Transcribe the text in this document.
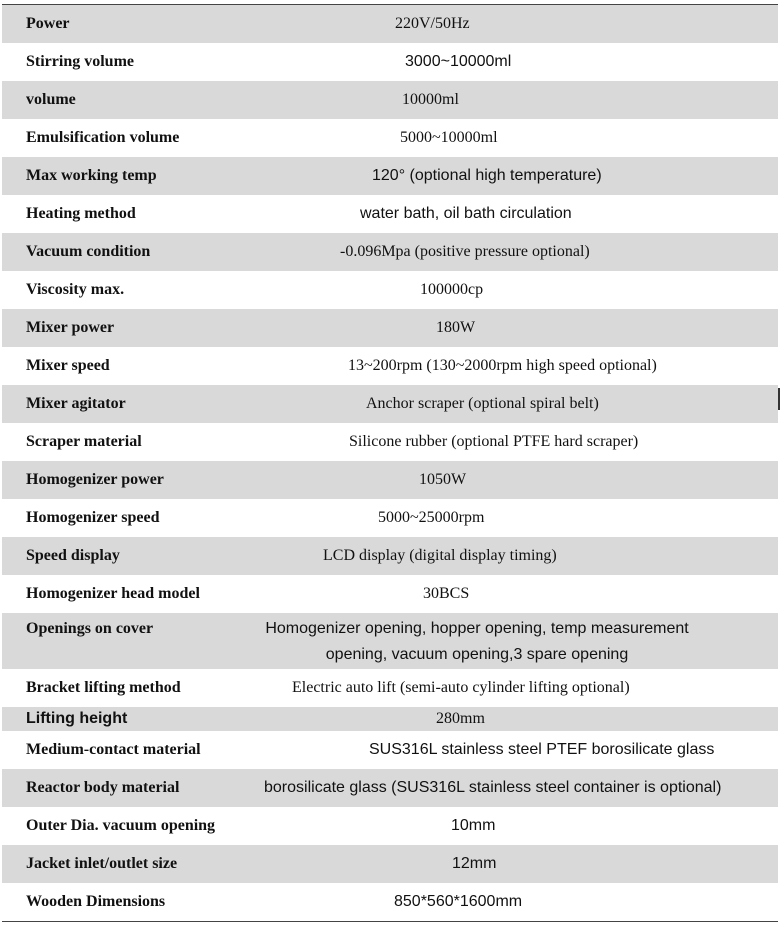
Power	220V/50Hz
Stirring volume	3000~10000ml
volume	10000ml
Emulsification volume	5000~10000ml
Max working temp	120° (optional high temperature)
Heating method	water bath, oil bath circulation
Vacuum condition	-0.096Mpa (positive pressure optional)
Viscosity max.	100000cp
Mixer power	180W
Mixer speed	13~200rpm (130~2000rpm high speed optional)
Mixer agitator	Anchor scraper (optional spiral belt)
Scraper material	Silicone rubber (optional PTFE hard scraper)
Homogenizer power	1050W
Homogenizer speed	5000~25000rpm
Speed display	LCD display (digital display timing)
Homogenizer head model	30BCS
Openings on cover	Homogenizer opening, hopper opening, temp measurement
opening, vacuum opening,3 spare opening
Bracket lifting method	Electric auto lift (semi-auto cylinder lifting optional)
Lifting height	280mm
Medium-contact material	SUS316L stainless steel PTEF borosilicate glass
Reactor body material	borosilicate glass (SUS316L stainless steel container is optional)
Outer Dia. vacuum opening	10mm
Jacket inlet/outlet size	12mm
Wooden Dimensions	850*560*1600mm
